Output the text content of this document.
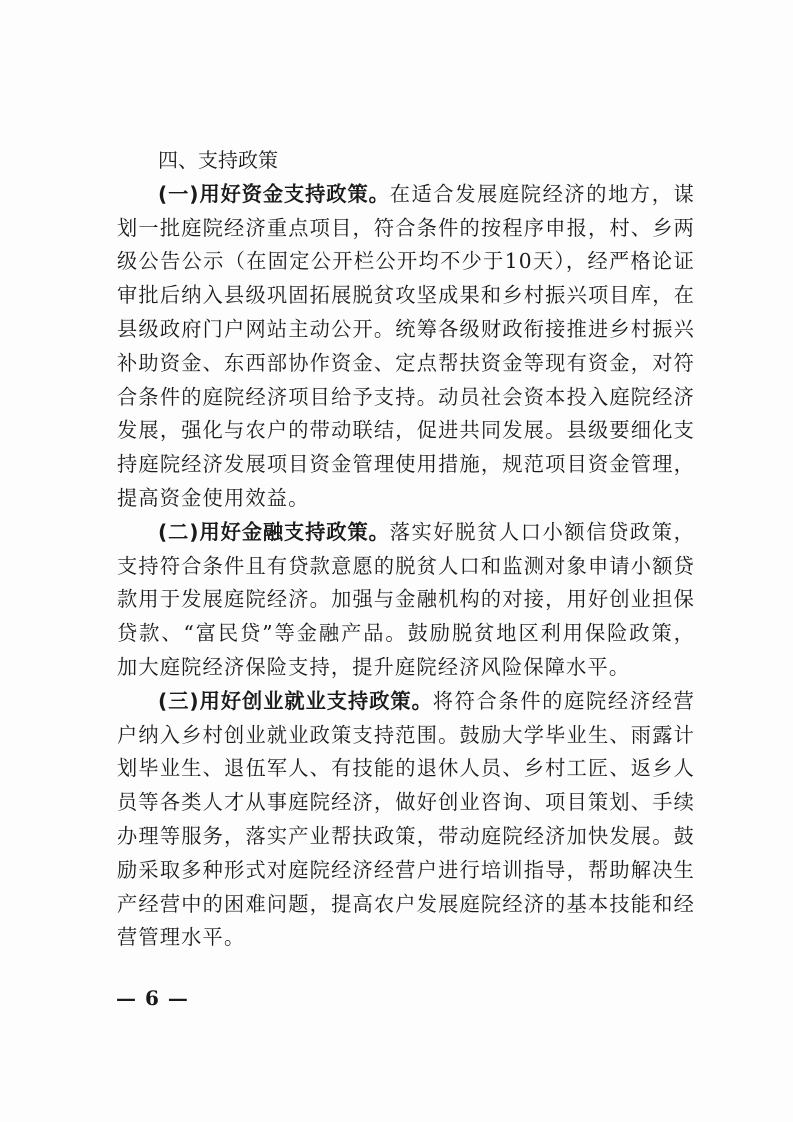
四、支持政策

(一)用好资金支持政策。在适合发展庭院经济的地方，谋划一批庭院经济重点项目，符合条件的按程序申报，村、乡两级公告公示（在固定公开栏公开均不少于10天），经严格论证审批后纳入县级巩固拓展脱贫攻坚成果和乡村振兴项目库，在县级政府门户网站主动公开。统筹各级财政衔接推进乡村振兴补助资金、东西部协作资金、定点帮扶资金等现有资金，对符合条件的庭院经济项目给予支持。动员社会资本投入庭院经济发展，强化与农户的带动联结，促进共同发展。县级要细化支持庭院经济发展项目资金管理使用措施，规范项目资金管理，提高资金使用效益。

(二)用好金融支持政策。落实好脱贫人口小额信贷政策，支持符合条件且有贷款意愿的脱贫人口和监测对象申请小额贷款用于发展庭院经济。加强与金融机构的对接，用好创业担保贷款、“富民贷”等金融产品。鼓励脱贫地区利用保险政策，加大庭院经济保险支持，提升庭院经济风险保障水平。

(三)用好创业就业支持政策。将符合条件的庭院经济经营户纳入乡村创业就业政策支持范围。鼓励大学毕业生、雨露计划毕业生、退伍军人、有技能的退休人员、乡村工匠、返乡人员等各类人才从事庭院经济，做好创业咨询、项目策划、手续办理等服务，落实产业帮扶政策，带动庭院经济加快发展。鼓励采取多种形式对庭院经济经营户进行培训指导，帮助解决生产经营中的困难问题，提高农户发展庭院经济的基本技能和经营管理水平。

— 6 —
